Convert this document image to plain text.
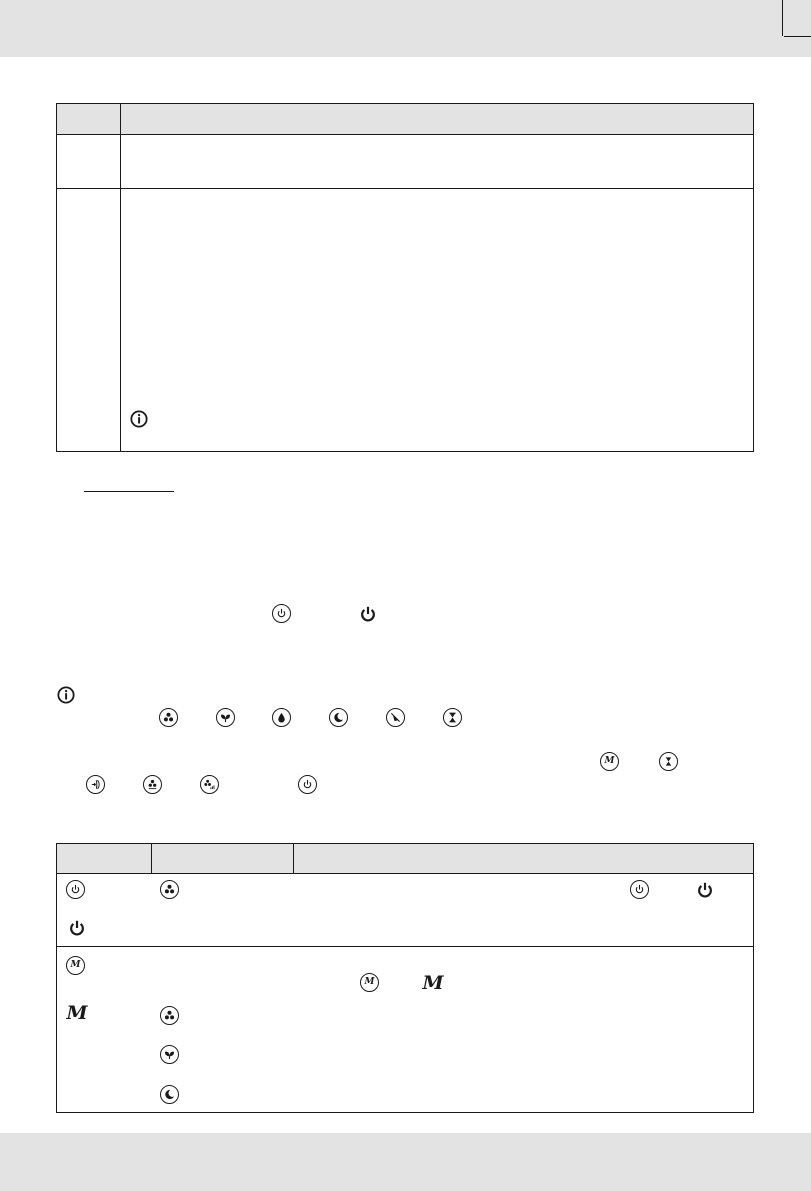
M
M
M
M	M
